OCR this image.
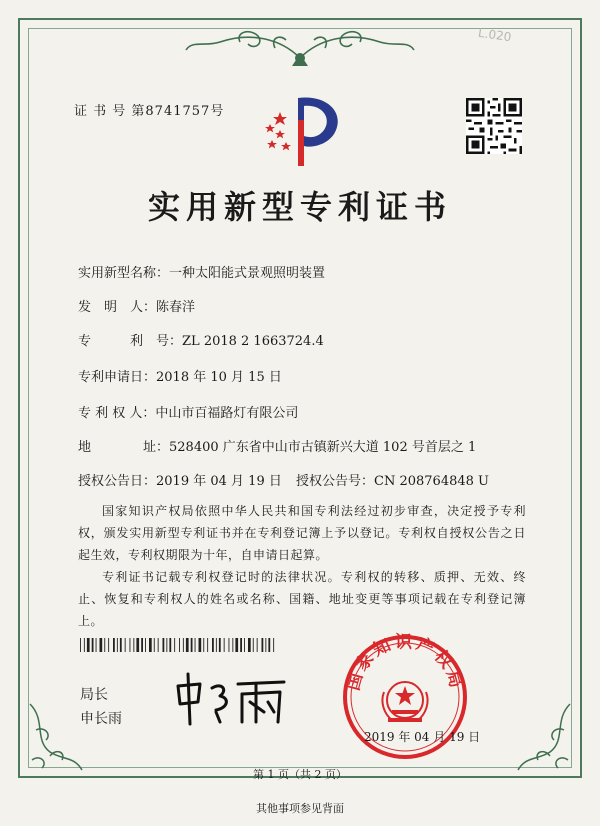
L.020
证 书 号 第8741757号
实用新型专利证书
实用新型名称：一种太阳能式景观照明装置
发　明　人：陈春洋
专　　　利　号：ZL 2018 2 1663724.4
专利申请日：2018 年 10 月 15 日
专 利 权 人：中山市百福路灯有限公司
地　　　　址：528400 广东省中山市古镇新兴大道 102 号首层之 1
授权公告日：2019 年 04 月 19 日 授权公告号：CN 208764848 U
国家知识产权局依照中华人民共和国专利法经过初步审查，决定授予专利权，颁发实用新型专利证书并在专利登记簿上予以登记。专利权自授权公告之日起生效，专利权期限为十年，自申请日起算。
专利证书记载专利权登记时的法律状况。专利权的转移、质押、无效、终止、恢复和专利权人的姓名或名称、国籍、地址变更等事项记载在专利登记簿上。
局长
申长雨
国家知识产权局
2019 年 04 月 19 日
第 1 页（共 2 页）
其他事项参见背面
